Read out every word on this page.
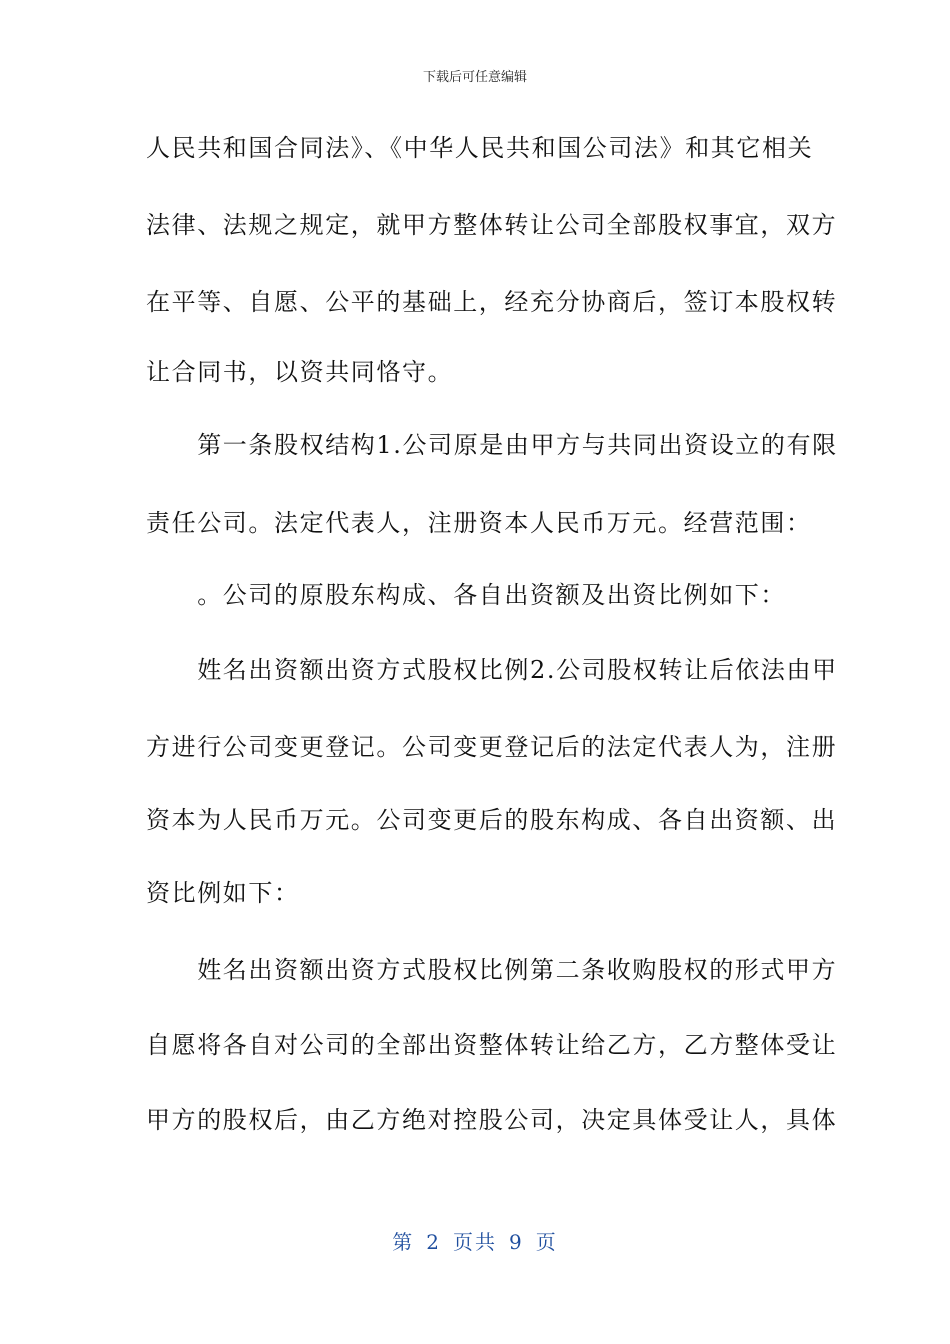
下载后可任意编辑
人民共和国合同法》、《中华人民共和国公司法》和其它相关
法律、法规之规定，就甲方整体转让公司全部股权事宜，双方
在平等、自愿、公平的基础上，经充分协商后，签订本股权转
让合同书，以资共同恪守。
　　第一条股权结构1.公司原是由甲方与共同出资设立的有限
责任公司。法定代表人，注册资本人民币万元。经营范围：
　　。公司的原股东构成、各自出资额及出资比例如下：
　　姓名出资额出资方式股权比例2.公司股权转让后依法由甲
方进行公司变更登记。公司变更登记后的法定代表人为，注册
资本为人民币万元。公司变更后的股东构成、各自出资额、出
资比例如下：
　　姓名出资额出资方式股权比例第二条收购股权的形式甲方
自愿将各自对公司的全部出资整体转让给乙方，乙方整体受让
甲方的股权后，由乙方绝对控股公司，决定具体受让人，具体
第 2 页共 9 页
